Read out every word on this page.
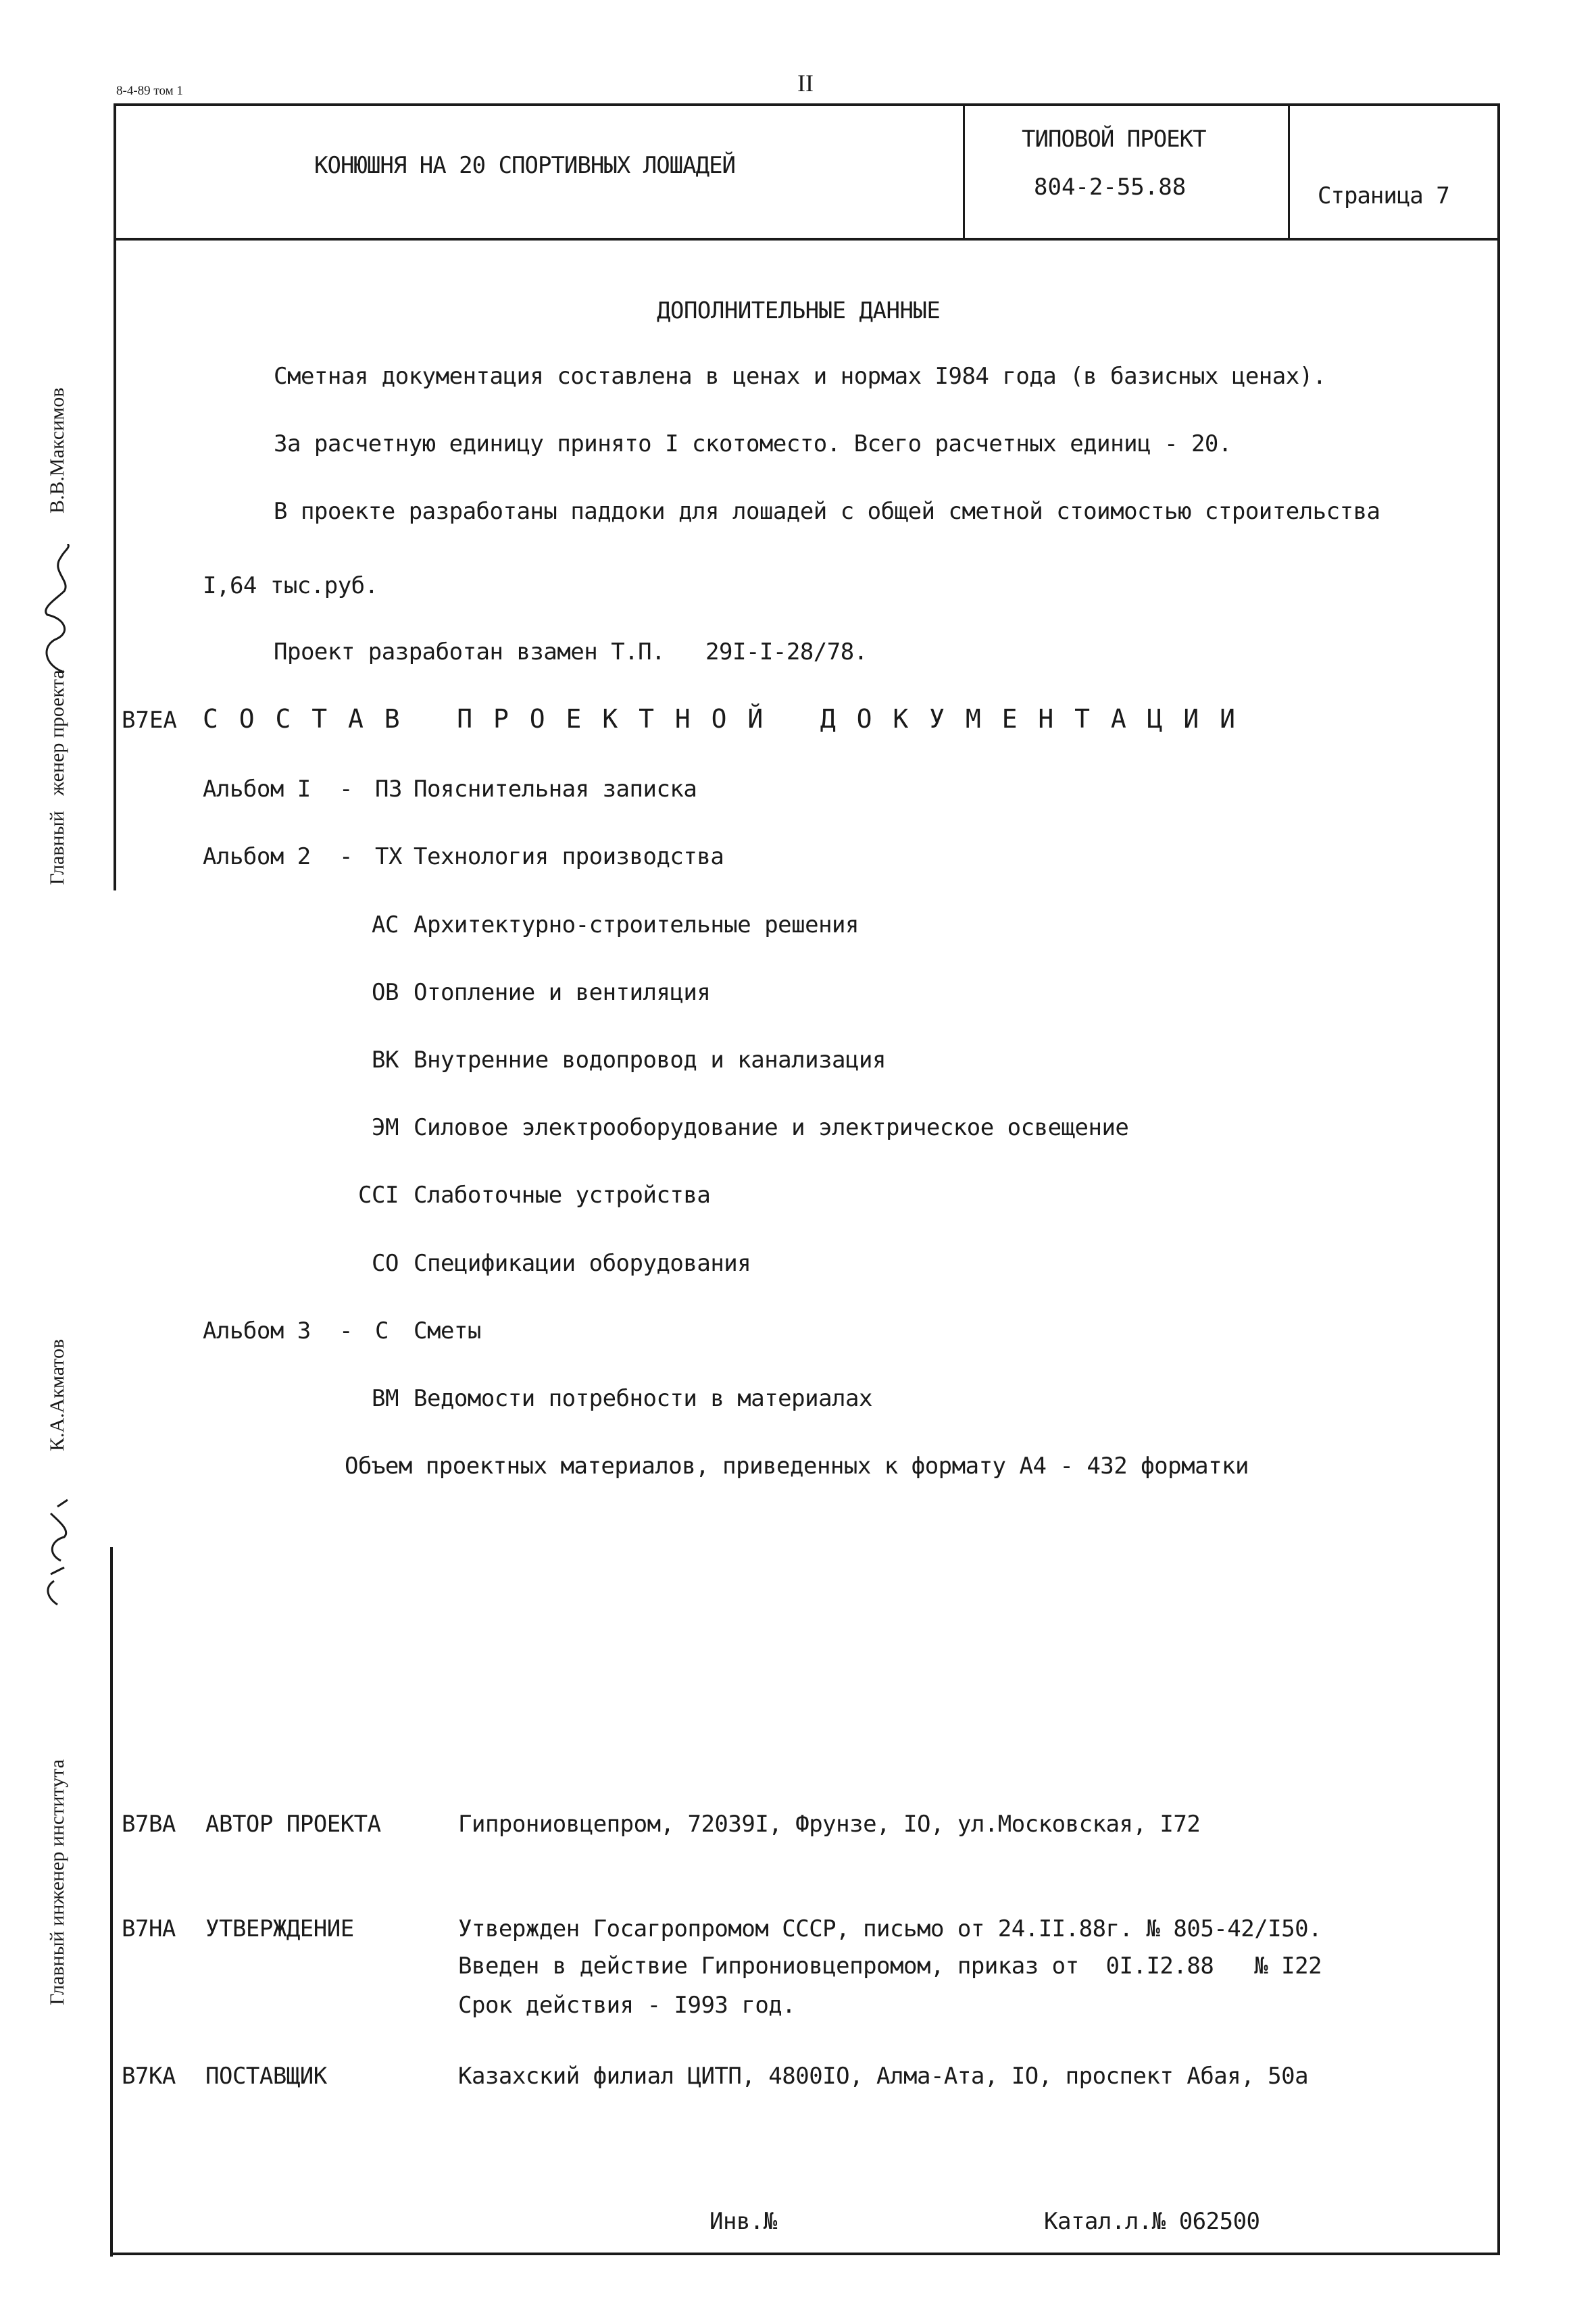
8-4-89 том 1	II
КОНЮШНЯ НА 20 СПОРТИВНЫХ ЛОШАДЕЙ
ТИПОВОЙ ПРОЕКТ
804-2-55.88	Страница 7
ДОПОЛНИТЕЛЬНЫЕ ДАННЫЕ
Сметная документация составлена в ценах и нормах I984 года (в базисных ценах).
За расчетную единицу принято I скотоместо. Всего расчетных единиц - 20.
В проекте разработаны паддоки для лошадей с общей сметной стоимостью строительства
I,64 тыс.руб.
Проект разработан взамен Т.П.   29I-I-28/78.
В7ЕА С О С Т А В   П Р О Е К Т Н О Й   Д О К У М Е Н Т А Ц И И
Альбом I - ПЗ Пояснительная записка
Альбом 2 - ТХ Технология производства
АС Архитектурно-строительные решения
ОВ Отопление и вентиляция
ВК Внутренние водопровод и канализация
ЭМ Силовое электрооборудование и электрическое освещение
ССI Слаботочные устройства
СО Спецификации оборудования
Альбом 3 - С Сметы
ВМ Ведомости потребности в материалах
Объем проектных материалов, приведенных к формату А4 - 432 форматки
В7ВА АВТОР ПРОЕКТА	Гипрониовцепром, 72039I, Фрунзе, IO, ул.Московская, I72
В7НА УТВЕРЖДЕНИЕ	Утвержден Госагропромом СССР, письмо от 24.II.88г. № 805-42/I50.
Введен в действие Гипрониовцепромом, приказ от  0I.I2.88   № I22
Срок действия - I993 год.
В7КА ПОСТАВЩИК	Казахский филиал ЦИТП, 4800IO, Алма-Ата, IO, проспект Абая, 50а
Инв.№	Катал.л.№ 062500
В.В.Максимов
Главный   женер проекта
К.А.Акматов
Главный инженер института
